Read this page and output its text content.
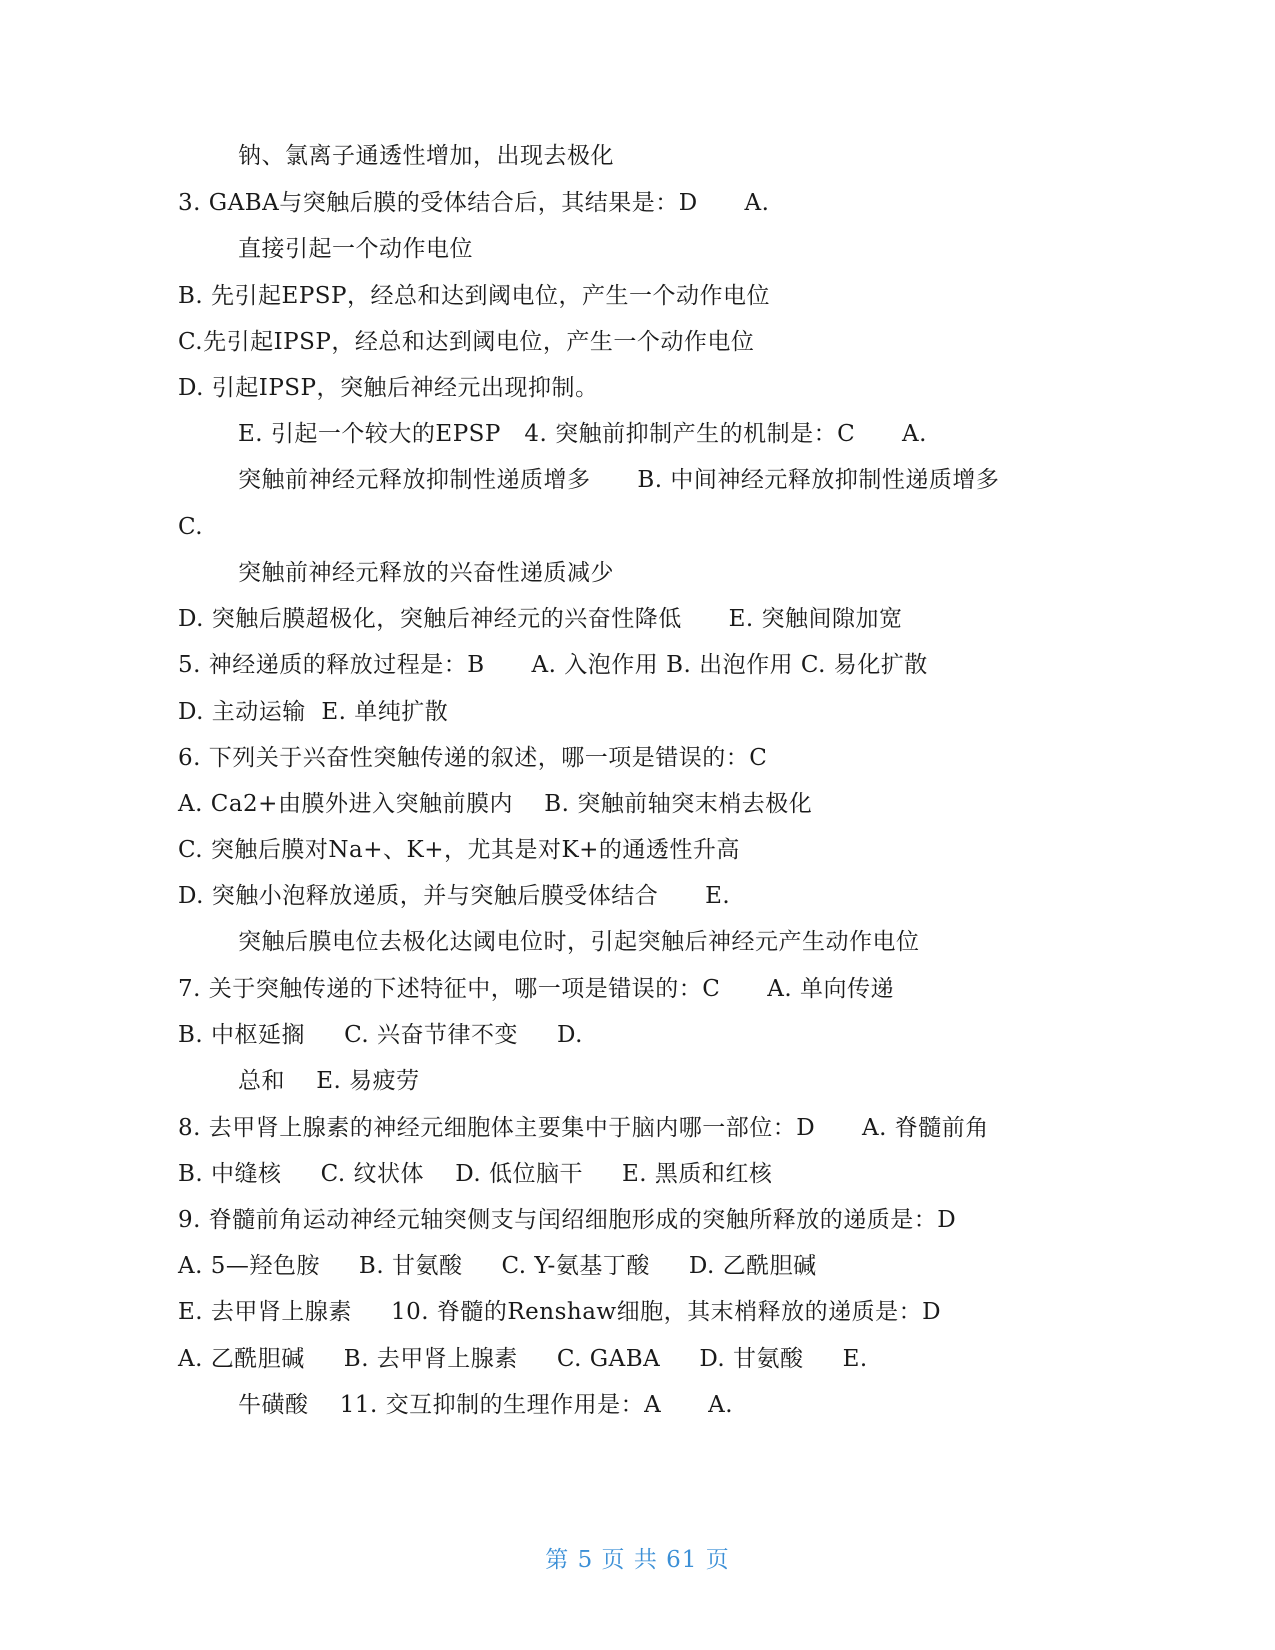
钠、氯离子通透性增加，出现去极化
3. GABA与突触后膜的受体结合后，其结果是：D      A.
直接引起一个动作电位
B. 先引起EPSP，经总和达到阈电位，产生一个动作电位
C.先引起IPSP，经总和达到阈电位，产生一个动作电位
D. 引起IPSP，突触后神经元出现抑制。
E. 引起一个较大的EPSP   4. 突触前抑制产生的机制是：C      A.
突触前神经元释放抑制性递质增多      B. 中间神经元释放抑制性递质增多
C.
突触前神经元释放的兴奋性递质减少
D. 突触后膜超极化，突触后神经元的兴奋性降低      E. 突触间隙加宽
5. 神经递质的释放过程是：B      A. 入泡作用 B. 出泡作用 C. 易化扩散
D. 主动运输  E. 单纯扩散
6. 下列关于兴奋性突触传递的叙述，哪一项是错误的：C
A. Ca2+由膜外进入突触前膜内    B. 突触前轴突末梢去极化
C. 突触后膜对Na+、K+，尤其是对K+的通透性升高
D. 突触小泡释放递质，并与突触后膜受体结合      E.
突触后膜电位去极化达阈电位时，引起突触后神经元产生动作电位
7. 关于突触传递的下述特征中，哪一项是错误的：C      A. 单向传递
B. 中枢延搁     C. 兴奋节律不变     D.
总和    E. 易疲劳
8. 去甲肾上腺素的神经元细胞体主要集中于脑内哪一部位：D      A. 脊髓前角
B. 中缝核     C. 纹状体    D. 低位脑干     E. 黑质和红核
9. 脊髓前角运动神经元轴突侧支与闰绍细胞形成的突触所释放的递质是：D
A. 5—羟色胺     B. 甘氨酸     C. Y-氨基丁酸     D. 乙酰胆碱
E. 去甲肾上腺素     10. 脊髓的Renshaw细胞，其末梢释放的递质是：D
A. 乙酰胆碱     B. 去甲肾上腺素     C. GABA     D. 甘氨酸     E.
牛磺酸    11. 交互抑制的生理作用是：A      A.
第 5 页 共 61 页
